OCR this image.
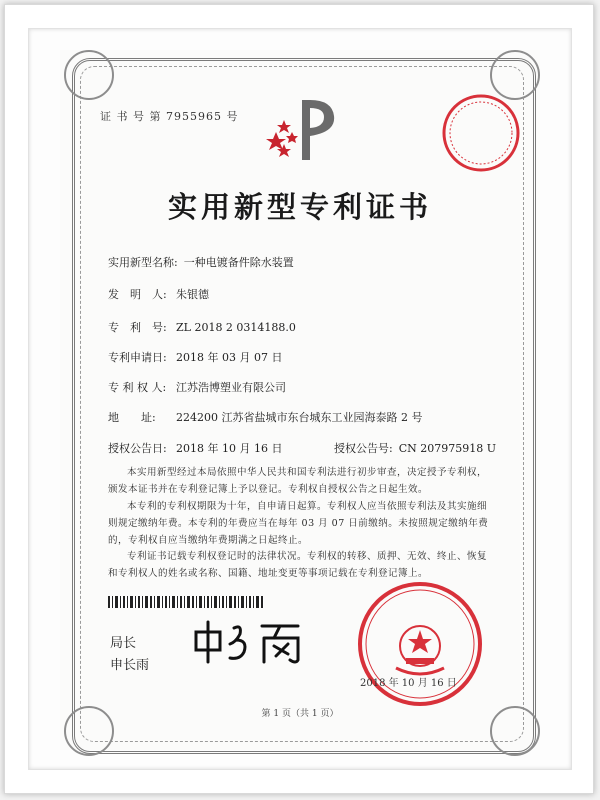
证 书 号 第 7955965 号
实用新型专利证书
实用新型名称: 一种电镀备件除水装置
发　明　人: 朱银德
专　利　号: ZL 2018 2 0314188.0
专利申请日: 2018 年 03 月 07 日
专 利 权 人: 江苏浩博塑业有限公司
地　　址: 224200 江苏省盐城市东台城东工业园海泰路 2 号
授权公告日: 2018 年 10 月 16 日	授权公告号: CN 207975918 U
本实用新型经过本局依照中华人民共和国专利法进行初步审查，决定授予专利权，颁发本证书并在专利登记簿上予以登记。专利权自授权公告之日起生效。
本专利的专利权期限为十年，自申请日起算。专利权人应当依照专利法及其实施细则规定缴纳年费。本专利的年费应当在每年 03 月 07 日前缴纳。未按照规定缴纳年费的，专利权自应当缴纳年费期满之日起终止。
专利证书记载专利权登记时的法律状况。专利权的转移、质押、无效、终止、恢复和专利权人的姓名或名称、国籍、地址变更等事项记载在专利登记簿上。
局长
申长雨
2018 年 10 月 16 日
第 1 页（共 1 页）
